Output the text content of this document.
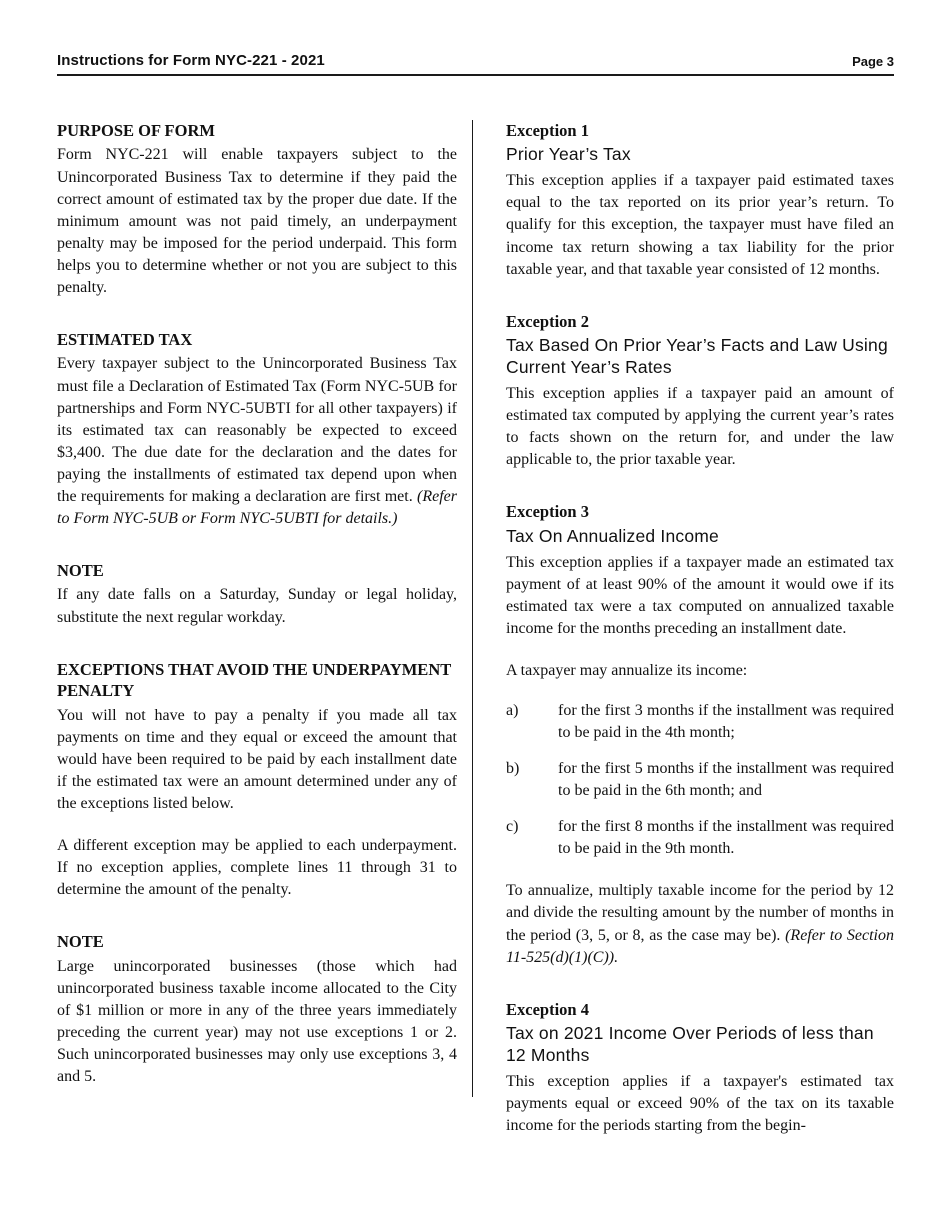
Instructions for Form NYC-221 - 2021	Page 3
PURPOSE OF FORM

Form NYC-221 will enable taxpayers subject to the Unincorporated Business Tax to determine if they paid the correct amount of estimated tax by the proper due date. If the minimum amount was not paid timely, an underpayment penalty may be imposed for the period underpaid. This form helps you to determine whether or not you are subject to this penalty.

ESTIMATED TAX

Every taxpayer subject to the Unincorporated Business Tax must file a Declaration of Estimated Tax (Form NYC-5UB for partnerships and Form NYC-5UBTI for all other taxpayers) if its estimated tax can reasonably be expected to exceed $3,400. The due date for the declaration and the dates for paying the installments of estimated tax depend upon when the requirements for making a declaration are first met. (Refer to Form NYC-5UB or Form NYC-5UBTI for details.)

NOTE

If any date falls on a Saturday, Sunday or legal holiday, substitute the next regular workday.

EXCEPTIONS THAT AVOID THE UNDERPAYMENT PENALTY

You will not have to pay a penalty if you made all tax payments on time and they equal or exceed the amount that would have been required to be paid by each installment date if the estimated tax were an amount determined under any of the exceptions listed below.

A different exception may be applied to each underpayment. If no exception applies, complete lines 11 through 31 to determine the amount of the penalty.

NOTE

Large unincorporated businesses (those which had unincorporated business taxable income allocated to the City of $1 million or more in any of the three years immediately preceding the current year) may not use exceptions 1 or 2. Such unincorporated businesses may only use exceptions 3, 4 and 5.

Exception 1
Prior Year’s Tax

This exception applies if a taxpayer paid estimated taxes equal to the tax reported on its prior year’s return. To qualify for this exception, the taxpayer must have filed an income tax return showing a tax liability for the prior taxable year, and that taxable year consisted of 12 months.

Exception 2
Tax Based On Prior Year’s Facts and Law Using Current Year’s Rates

This exception applies if a taxpayer paid an amount of estimated tax computed by applying the current year’s rates to facts shown on the return for, and under the law applicable to, the prior taxable year.

Exception 3
Tax On Annualized Income

This exception applies if a taxpayer made an estimated tax payment of at least 90% of the amount it would owe if its estimated tax were a tax computed on annualized taxable income for the months preceding an installment date.

A taxpayer may annualize its income:

a)	for the first 3 months if the installment was required to be paid in the 4th month;
b)	for the first 5 months if the installment was required to be paid in the 6th month; and
c)	for the first 8 months if the installment was required to be paid in the 9th month.

To annualize, multiply taxable income for the period by 12 and divide the resulting amount by the number of months in the period (3, 5, or 8, as the case may be). (Refer to Section 11-525(d)(1)(C)).

Exception 4
Tax on 2021 Income Over Periods of less than 12 Months

This exception applies if a taxpayer's estimated tax payments equal or exceed 90% of the tax on its taxable income for the periods starting from the begin-
